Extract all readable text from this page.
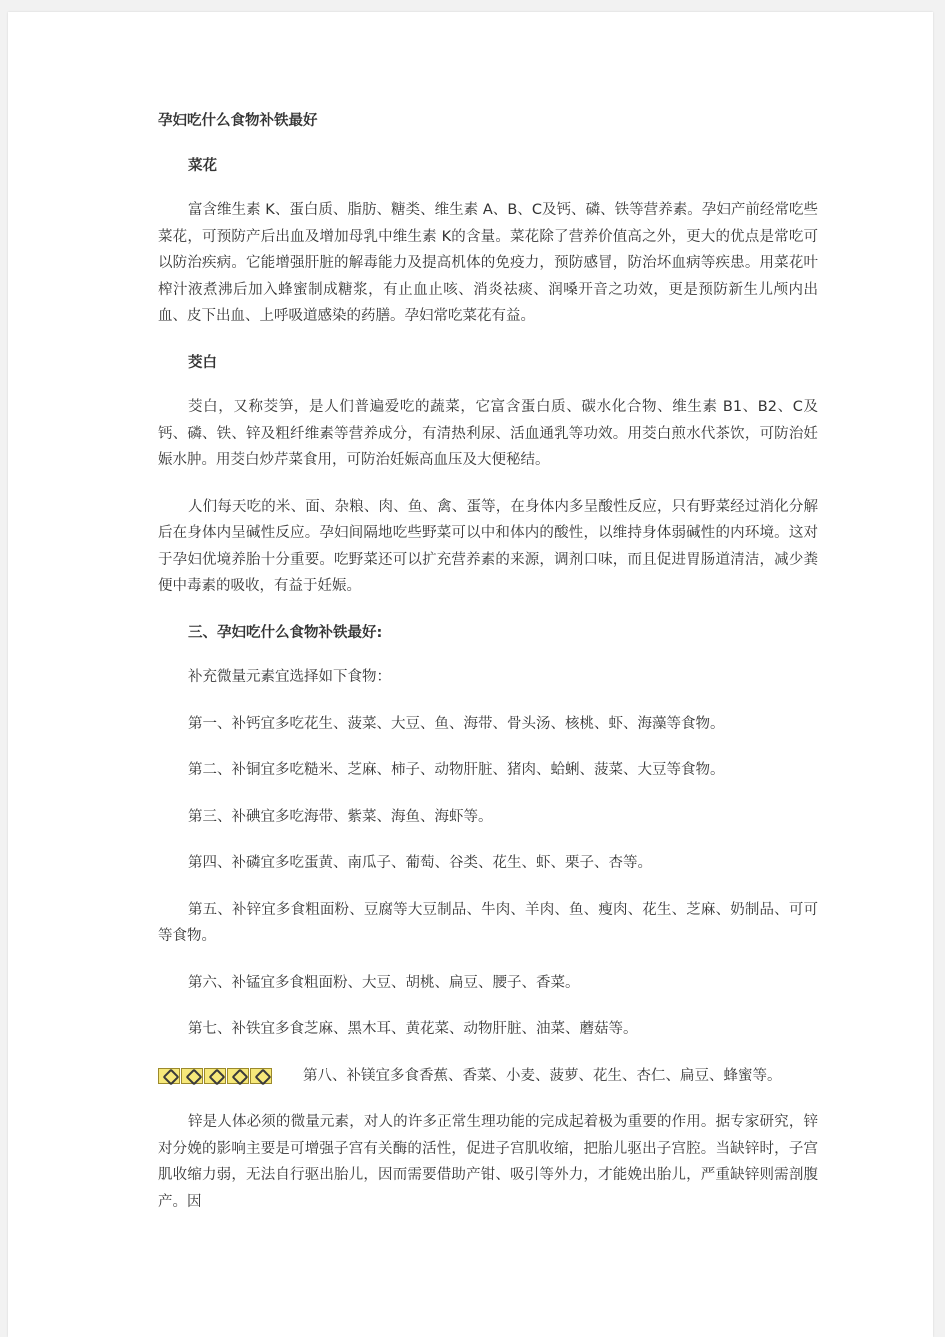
孕妇吃什么食物补铁最好
菜花

富含维生素 K、蛋白质、脂肪、糖类、维生素 A、B、C及钙、磷、铁等营养素。孕妇产前经常吃些菜花，可预防产后出血及增加母乳中维生素 K的含量。菜花除了营养价值高之外，更大的优点是常吃可以防治疾病。它能增强肝脏的解毒能力及提高机体的免疫力，预防感冒，防治坏血病等疾患。用菜花叶榨汁液煮沸后加入蜂蜜制成糖浆，有止血止咳、消炎祛痰、润嗓开音之功效，更是预防新生儿颅内出血、皮下出血、上呼吸道感染的药膳。孕妇常吃菜花有益。

茭白

茭白，又称茭笋，是人们普遍爱吃的蔬菜，它富含蛋白质、碳水化合物、维生素 B1、B2、C及钙、磷、铁、锌及粗纤维素等营养成分，有清热利尿、活血通乳等功效。用茭白煎水代茶饮，可防治妊娠水肿。用茭白炒芹菜食用，可防治妊娠高血压及大便秘结。

人们每天吃的米、面、杂粮、肉、鱼、禽、蛋等，在身体内多呈酸性反应，只有野菜经过消化分解后在身体内呈碱性反应。孕妇间隔地吃些野菜可以中和体内的酸性，以维持身体弱碱性的内环境。这对于孕妇优境养胎十分重要。吃野菜还可以扩充营养素的来源，调剂口味，而且促进胃肠道清洁，减少粪便中毒素的吸收，有益于妊娠。

三、孕妇吃什么食物补铁最好:

补充微量元素宜选择如下食物：

第一、补钙宜多吃花生、菠菜、大豆、鱼、海带、骨头汤、核桃、虾、海藻等食物。

第二、补铜宜多吃糙米、芝麻、柿子、动物肝脏、猪肉、蛤蜊、菠菜、大豆等食物。

第三、补碘宜多吃海带、紫菜、海鱼、海虾等。

第四、补磷宜多吃蛋黄、南瓜子、葡萄、谷类、花生、虾、栗子、杏等。

第五、补锌宜多食粗面粉、豆腐等大豆制品、牛肉、羊肉、鱼、瘦肉、花生、芝麻、奶制品、可可等食物。

第六、补锰宜多食粗面粉、大豆、胡桃、扁豆、腰子、香菜。

第七、补铁宜多食芝麻、黑木耳、黄花菜、动物肝脏、油菜、蘑菇等。

第八、补镁宜多食香蕉、香菜、小麦、菠萝、花生、杏仁、扁豆、蜂蜜等。

锌是人体必须的微量元素，对人的许多正常生理功能的完成起着极为重要的作用。据专家研究，锌对分娩的影响主要是可增强子宫有关酶的活性，促进子宫肌收缩，把胎儿驱出子宫腔。当缺锌时，子宫肌收缩力弱，无法自行驱出胎儿，因而需要借助产钳、吸引等外力，才能娩出胎儿，严重缺锌则需剖腹产。因
